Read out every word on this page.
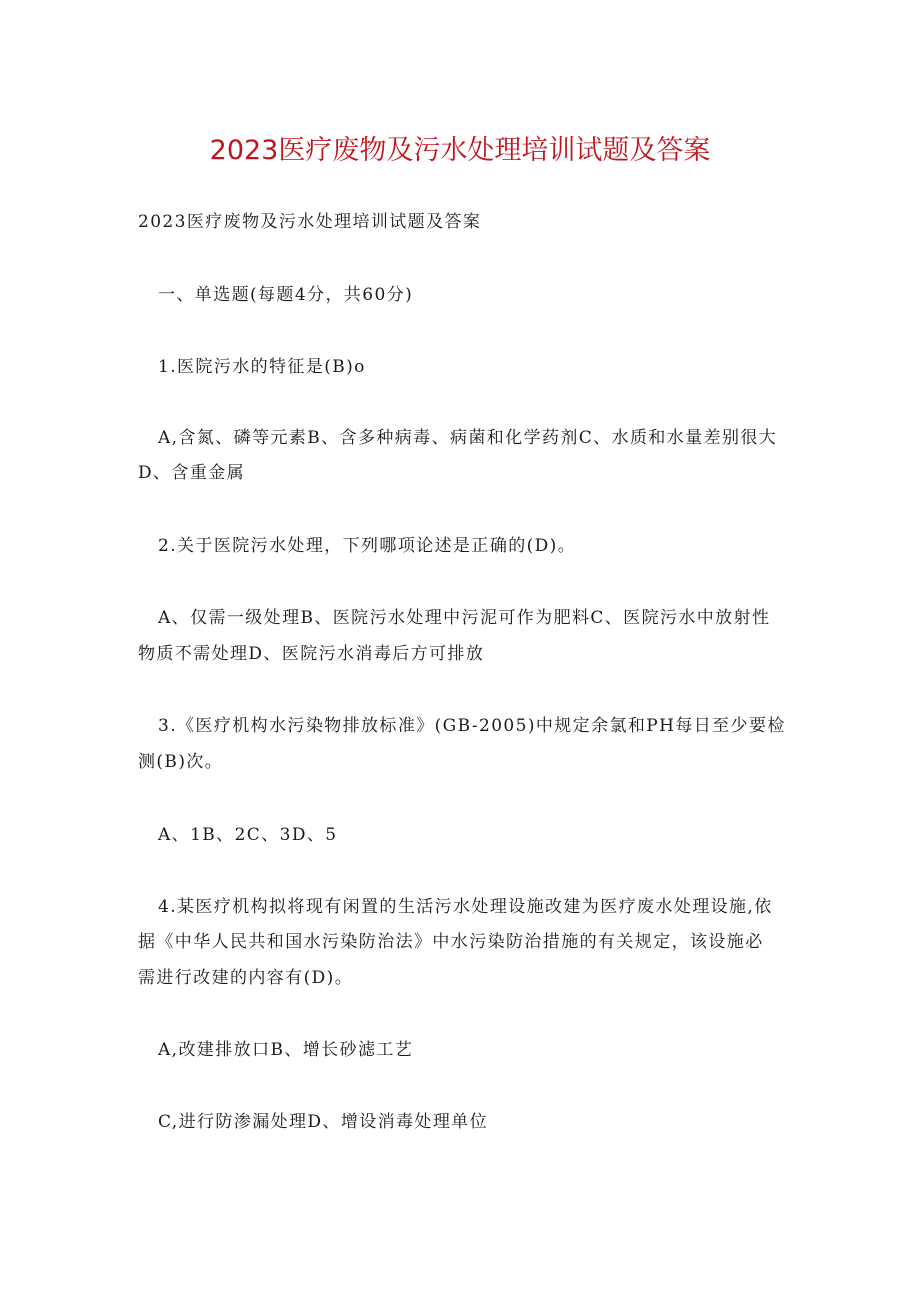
2023医疗废物及污水处理培训试题及答案
2023医疗废物及污水处理培训试题及答案
一、单选题(每题4分，共60分)
1.医院污水的特征是(B)o
A,含氮、磷等元素B、含多种病毒、病菌和化学药剂C、水质和水量差别很大
D、含重金属
2.关于医院污水处理，下列哪项论述是正确的(D)。
A、仅需一级处理B、医院污水处理中污泥可作为肥料C、医院污水中放射性
物质不需处理D、医院污水消毒后方可排放
3.《医疗机构水污染物排放标准》(GB-2005)中规定余氯和PH每日至少要检
测(B)次。
A、1B、2C、3D、5
4.某医疗机构拟将现有闲置的生活污水处理设施改建为医疗废水处理设施,依
据《中华人民共和国水污染防治法》中水污染防治措施的有关规定，该设施必
需进行改建的内容有(D)。
A,改建排放口B、增长砂滤工艺
C,进行防渗漏处理D、增设消毒处理单位
